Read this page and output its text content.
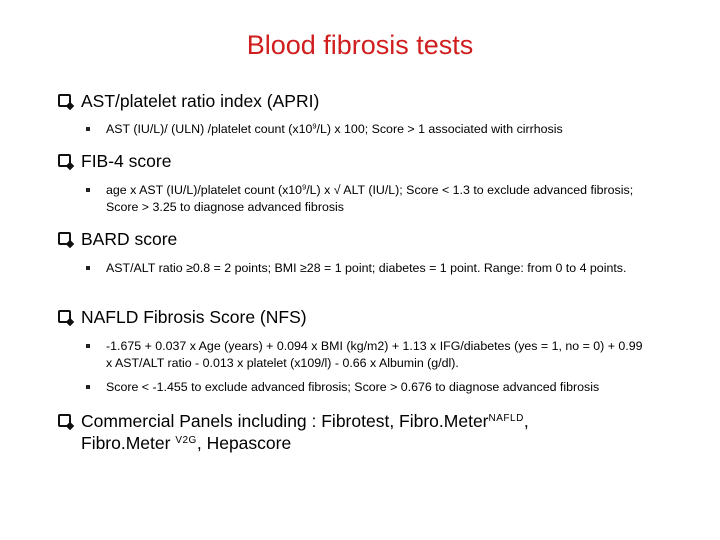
Blood fibrosis tests
AST/platelet ratio index (APRI)
AST (IU/L)/ (ULN) /platelet count $(x10^9/L)$ x 100; Score > 1 associated with cirrhosis
FIB-4 score
age x AST (IU/L)/platelet count $(x10^9/L)$ x √ ALT (IU/L); Score < 1.3 to exclude advanced fibrosis; Score > 3.25 to diagnose advanced fibrosis
BARD score
AST/ALT ratio ≥0.8 = 2 points; BMI ≥28 = 1 point; diabetes = 1 point. Range: from 0 to 4 points.
NAFLD Fibrosis Score (NFS)
-1.675 + 0.037 x Age (years) + 0.094 x BMI (kg/m2) + 1.13 x IFG/diabetes (yes = 1, no = 0) + 0.99 x AST/ALT ratio - 0.013 x platelet (x109/l) - 0.66 x Albumin (g/dl).
Score < -1.455 to exclude advanced fibrosis; Score > 0.676 to diagnose advanced fibrosis
Commercial Panels including : Fibrotest, Fibro.Meter$^{NAFLD}$,
Fibro.Meter $^{V2G}$, Hepascore
